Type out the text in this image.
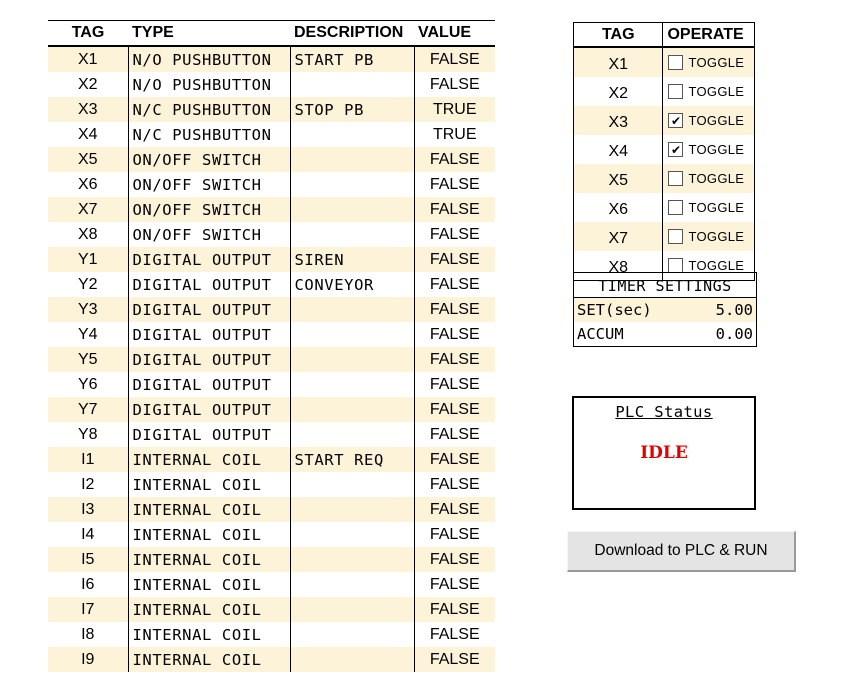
TAG	TYPE	DESCRIPTION	VALUE
X1	N/O PUSHBUTTON	START PB	FALSE
X2	N/O PUSHBUTTON		FALSE
X3	N/C PUSHBUTTON	STOP PB	TRUE
X4	N/C PUSHBUTTON		TRUE
X5	ON/OFF SWITCH		FALSE
X6	ON/OFF SWITCH		FALSE
X7	ON/OFF SWITCH		FALSE
X8	ON/OFF SWITCH		FALSE
Y1	DIGITAL OUTPUT	SIREN	FALSE
Y2	DIGITAL OUTPUT	CONVEYOR	FALSE
Y3	DIGITAL OUTPUT		FALSE
Y4	DIGITAL OUTPUT		FALSE
Y5	DIGITAL OUTPUT		FALSE
Y6	DIGITAL OUTPUT		FALSE
Y7	DIGITAL OUTPUT		FALSE
Y8	DIGITAL OUTPUT		FALSE
I1	INTERNAL COIL	START REQ	FALSE
I2	INTERNAL COIL		FALSE
I3	INTERNAL COIL		FALSE
I4	INTERNAL COIL		FALSE
I5	INTERNAL COIL		FALSE
I6	INTERNAL COIL		FALSE
I7	INTERNAL COIL		FALSE
I8	INTERNAL COIL		FALSE
I9	INTERNAL COIL		FALSE
TAG	OPERATE
X1	TOGGLE

X2	TOGGLE

X3	✔ TOGGLE

X4	✔ TOGGLE

X5	TOGGLE

X6	TOGGLE

X7	TOGGLE

X8	TOGGLE
TIMER SETTINGS
SET(sec)	5.00
ACCUM	0.00
PLC Status
IDLE
Download to PLC & RUN
